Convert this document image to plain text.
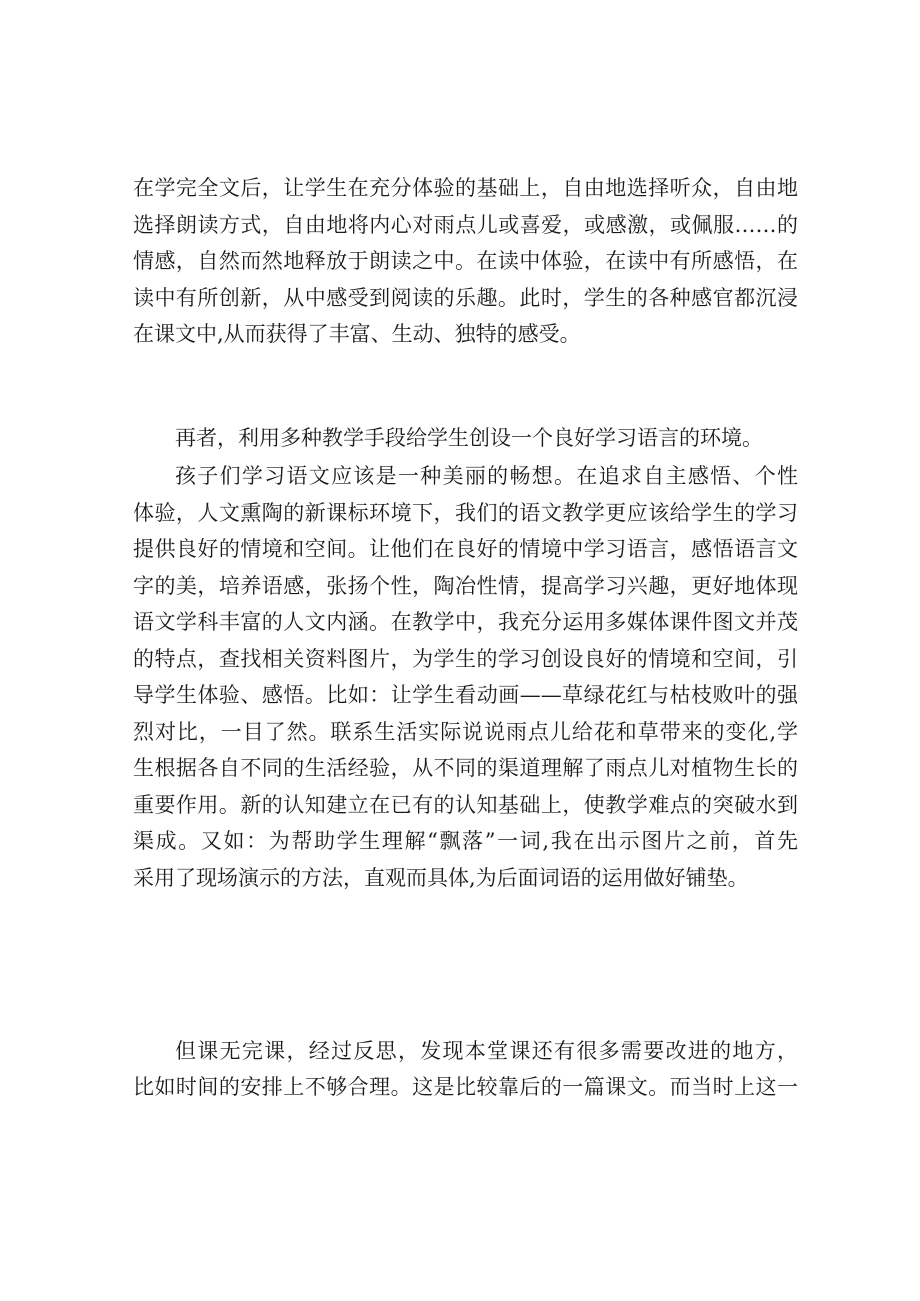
在学完全文后，让学生在充分体验的基础上，自由地选择听众，自由地
选择朗读方式，自由地将内心对雨点儿或喜爱，或感激，或佩服……的
情感，自然而然地释放于朗读之中。在读中体验，在读中有所感悟，在
读中有所创新，从中感受到阅读的乐趣。此时，学生的各种感官都沉浸
在课文中,从而获得了丰富、生动、独特的感受。
再者，利用多种教学手段给学生创设一个良好学习语言的环境。
孩子们学习语文应该是一种美丽的畅想。在追求自主感悟、个性
体验，人文熏陶的新课标环境下，我们的语文教学更应该给学生的学习
提供良好的情境和空间。让他们在良好的情境中学习语言，感悟语言文
字的美，培养语感，张扬个性，陶冶性情，提高学习兴趣，更好地体现
语文学科丰富的人文内涵。在教学中，我充分运用多媒体课件图文并茂
的特点，查找相关资料图片，为学生的学习创设良好的情境和空间，引
导学生体验、感悟。比如：让学生看动画——草绿花红与枯枝败叶的强
烈对比，一目了然。联系生活实际说说雨点儿给花和草带来的变化,学
生根据各自不同的生活经验，从不同的渠道理解了雨点儿对植物生长的
重要作用。新的认知建立在已有的认知基础上，使教学难点的突破水到
渠成。又如：为帮助学生理解“飘落”一词,我在出示图片之前，首先
采用了现场演示的方法，直观而具体,为后面词语的运用做好铺垫。
但课无完课，经过反思，发现本堂课还有很多需要改进的地方，
比如时间的安排上不够合理。这是比较靠后的一篇课文。而当时上这一
